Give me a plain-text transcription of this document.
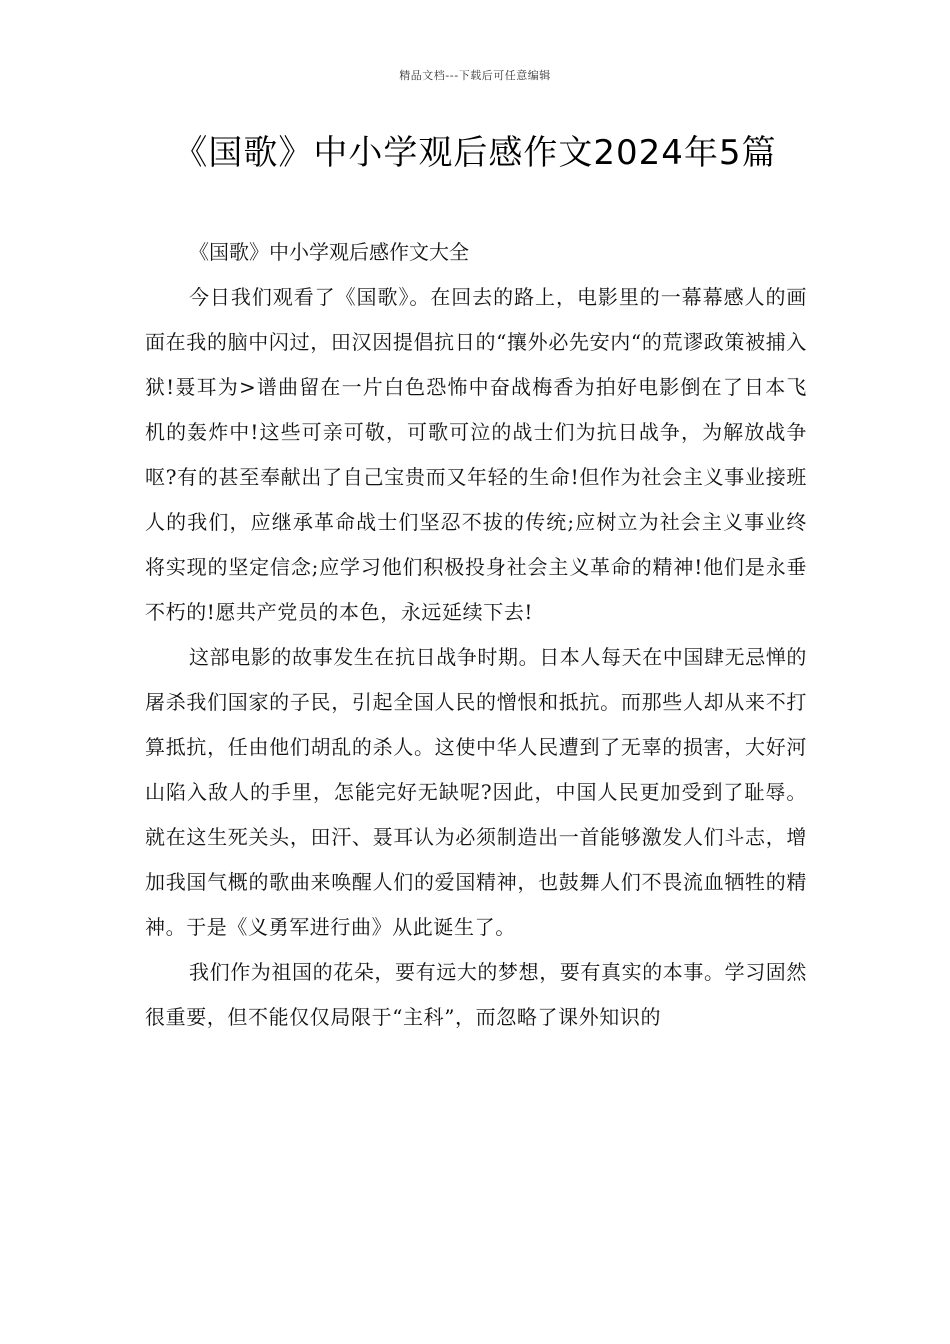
精品文档---下载后可任意编辑
《国歌》中小学观后感作文2024年5篇

《国歌》中小学观后感作文大全

今日我们观看了《国歌》。在回去的路上，电影里的一幕幕感人的画面在我的脑中闪过，田汉因提倡抗日的“攘外必先安内“的荒谬政策被捕入狱!聂耳为>谱曲留在一片白色恐怖中奋战梅香为拍好电影倒在了日本飞机的轰炸中!这些可亲可敬，可歌可泣的战士们为抗日战争，为解放战争呕?有的甚至奉献出了自己宝贵而又年轻的生命!但作为社会主义事业接班人的我们，应继承革命战士们坚忍不拔的传统;应树立为社会主义事业终将实现的坚定信念;应学习他们积极投身社会主义革命的精神!他们是永垂不朽的!愿共产党员的本色，永远延续下去!

这部电影的故事发生在抗日战争时期。日本人每天在中国肆无忌惮的屠杀我们国家的子民，引起全国人民的憎恨和抵抗。而那些人却从来不打算抵抗，任由他们胡乱的杀人。这使中华人民遭到了无辜的损害，大好河山陷入敌人的手里，怎能完好无缺呢?因此，中国人民更加受到了耻辱。就在这生死关头，田汗、聂耳认为必须制造出一首能够激发人们斗志，增加我国气概的歌曲来唤醒人们的爱国精神，也鼓舞人们不畏流血牺牲的精神。于是《义勇军进行曲》从此诞生了。

我们作为祖国的花朵，要有远大的梦想，要有真实的本事。学习固然很重要，但不能仅仅局限于“主科”，而忽略了课外知识的
